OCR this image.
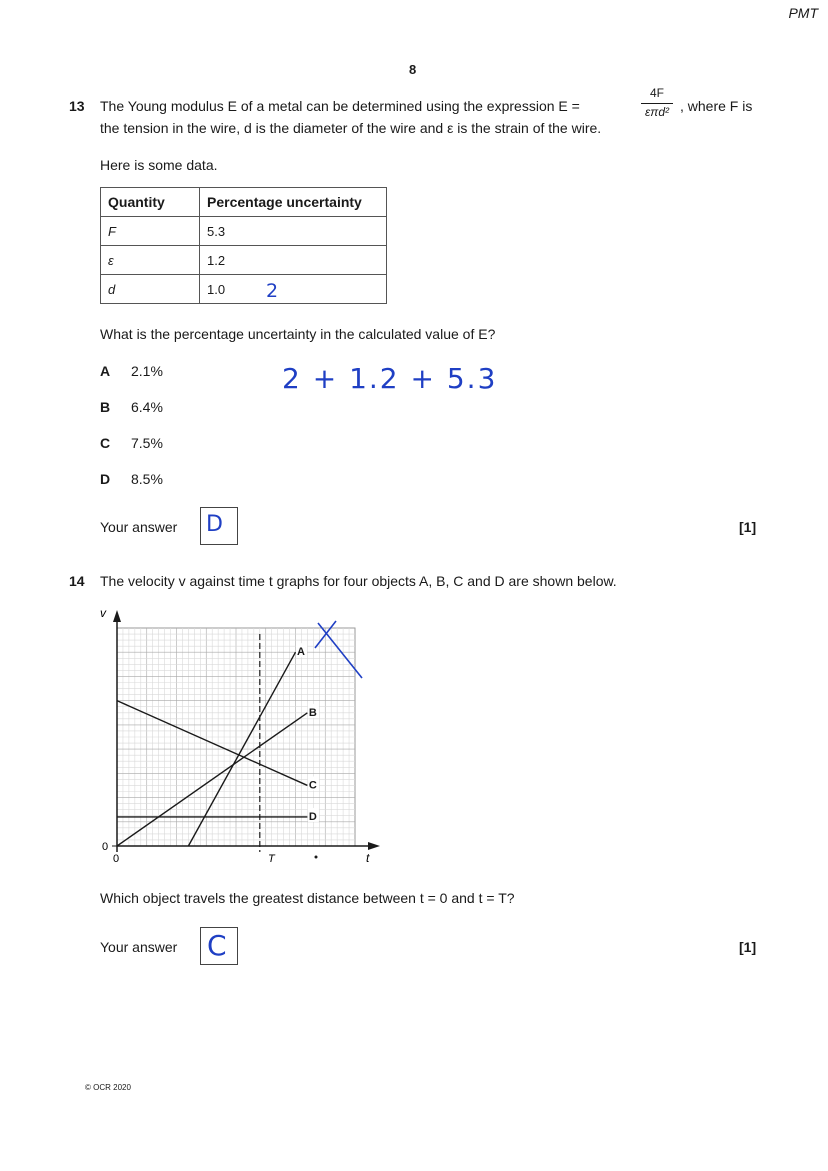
PMT
8
13 The Young modulus E of a metal can be determined using the expression E =
4F
επd² , where F is
the tension in the wire, d is the diameter of the wire and ε is the strain of the wire.
Here is some data.
Quantity	Percentage uncertainty
F	5.3
ε	1.2
d	1.0 2
What is the percentage uncertainty in the calculated value of E?
2 + 1.2 + 5.3
A 2.1%
B 6.4%
C 7.5%
D 8.5%
Your answer D	[1]
14 The velocity v against time t graphs for four objects A, B, C and D are shown below.
v
t
0
0	T
A
B
C
D
Which object travels the greatest distance between t = 0 and t = T?
Your answer C	[1]
© OCR 2020
